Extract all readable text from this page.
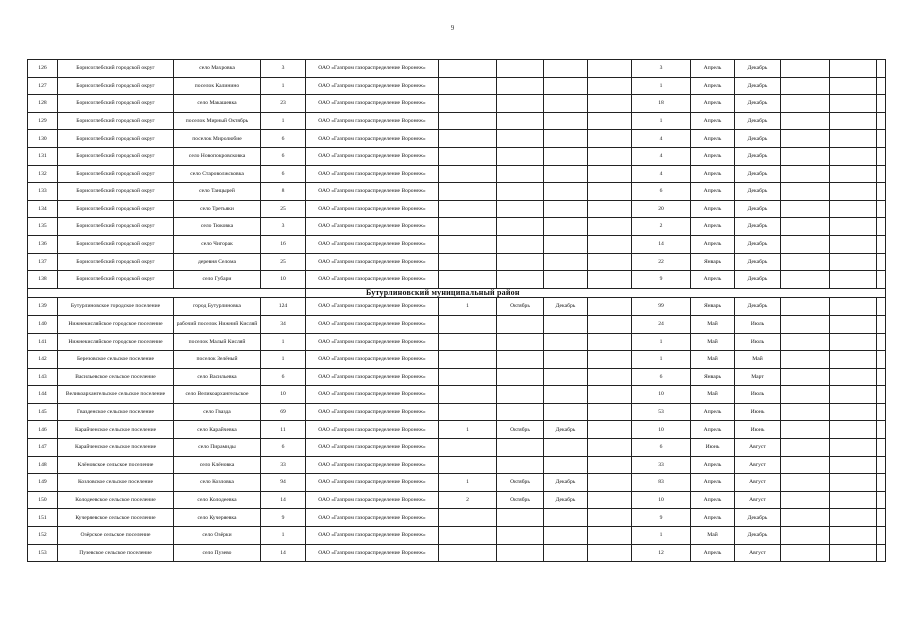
9
126	Борисоглебский городской округ	село Махровка	3	ОАО «Газпром газораспределение Воронеж»					3	Апрель	Декабрь			
127	Борисоглебский городской округ	поселок Калинино	1	ОАО «Газпром газораспределение Воронеж»					1	Апрель	Декабрь			
128	Борисоглебский городской округ	село Макашевка	23	ОАО «Газпром газораспределение Воронеж»					18	Апрель	Декабрь			
129	Борисоглебский городской округ	поселок Мирный Октябрь	1	ОАО «Газпром газораспределение Воронеж»					1	Апрель	Декабрь			
130	Борисоглебский городской округ	поселок Миролюбие	6	ОАО «Газпром газораспределение Воронеж»					4	Апрель	Декабрь			
131	Борисоглебский городской округ	село Новопокровсковка	6	ОАО «Газпром газораспределение Воронеж»					4	Апрель	Декабрь			
132	Борисоглебский городской округ	село Староволжсковка	6	ОАО «Газпром газораспределение Воронеж»					4	Апрель	Декабрь			
133	Борисоглебский городской округ	село Танцырей	8	ОАО «Газпром газораспределение Воронеж»					6	Апрель	Декабрь			
134	Борисоглебский городской округ	село Третьяки	25	ОАО «Газпром газораспределение Воронеж»					20	Апрель	Декабрь			
135	Борисоглебский городской округ	село Тюковка	3	ОАО «Газпром газораспределение Воронеж»					2	Апрель	Декабрь			
136	Борисоглебский городской округ	село Чигорак	16	ОАО «Газпром газораспределение Воронеж»					14	Апрель	Декабрь			
137	Борисоглебский городской округ	деревня Селома	25	ОАО «Газпром газораспределение Воронеж»					22	Январь	Декабрь			
138	Борисоглебский городской округ	село Губари	10	ОАО «Газпром газораспределение Воронеж»					9	Апрель	Декабрь			
				Бутурлиновский муниципальный район										
139	Бутурлиновское городское поселение	город Бутурлиновка	124	ОАО «Газпром газораспределение Воронеж»	1	Октябрь	Декабрь		99	Январь	Декабрь			
140	Нижнекисляйское городское поселение	рабочий поселок Нижний Кисляй	34	ОАО «Газпром газораспределение Воронеж»					24	Май	Июль			
141	Нижнекисляйское городское поселение	поселок Малый Кисляй	1	ОАО «Газпром газораспределение Воронеж»					1	Май	Июль			
142	Березовское сельское поселение	поселок Зелёный	1	ОАО «Газпром газораспределение Воронеж»					1	Май	Май			
143	Васильевское сельское поселение	село Васильевка	6	ОАО «Газпром газораспределение Воронеж»					6	Январь	Март			
144	Великоархангельское сельское поселение	село Великоархангельское	10	ОАО «Газпром газораспределение Воронеж»					10	Май	Июль			
145	Гвазденское сельское поселение	село Гвазда	69	ОАО «Газпром газораспределение Воронеж»					53	Апрель	Июнь			
146	Карайченское сельское поселение	село Карайчевка	11	ОАО «Газпром газораспределение Воронеж»	1	Октябрь	Декабрь		10	Апрель	Июнь			
147	Карайченское сельское поселение	село Пирамиды	6	ОАО «Газпром газораспределение Воронеж»					6	Июнь	Август			
148	Клёновское сельское поселение	село Клёновка	33	ОАО «Газпром газораспределение Воронеж»					33	Апрель	Август			
149	Козловское сельское поселение	село Козловка	94	ОАО «Газпром газораспределение Воронеж»	1	Октябрь	Декабрь		83	Апрель	Август			
150	Колодеевское сельское поселение	село Колодеевка	14	ОАО «Газпром газораспределение Воронеж»	2	Октябрь	Декабрь		10	Апрель	Август			
151	Кучеряевское сельское поселение	село Кучеряевка	9	ОАО «Газпром газораспределение Воронеж»					9	Апрель	Декабрь			
152	Озёрское сельское поселение	село Озёрки	1	ОАО «Газпром газораспределение Воронеж»					1	Май	Декабрь			
153	Пузевское сельское поселение	село Пузево	14	ОАО «Газпром газораспределение Воронеж»					12	Апрель	Август			
